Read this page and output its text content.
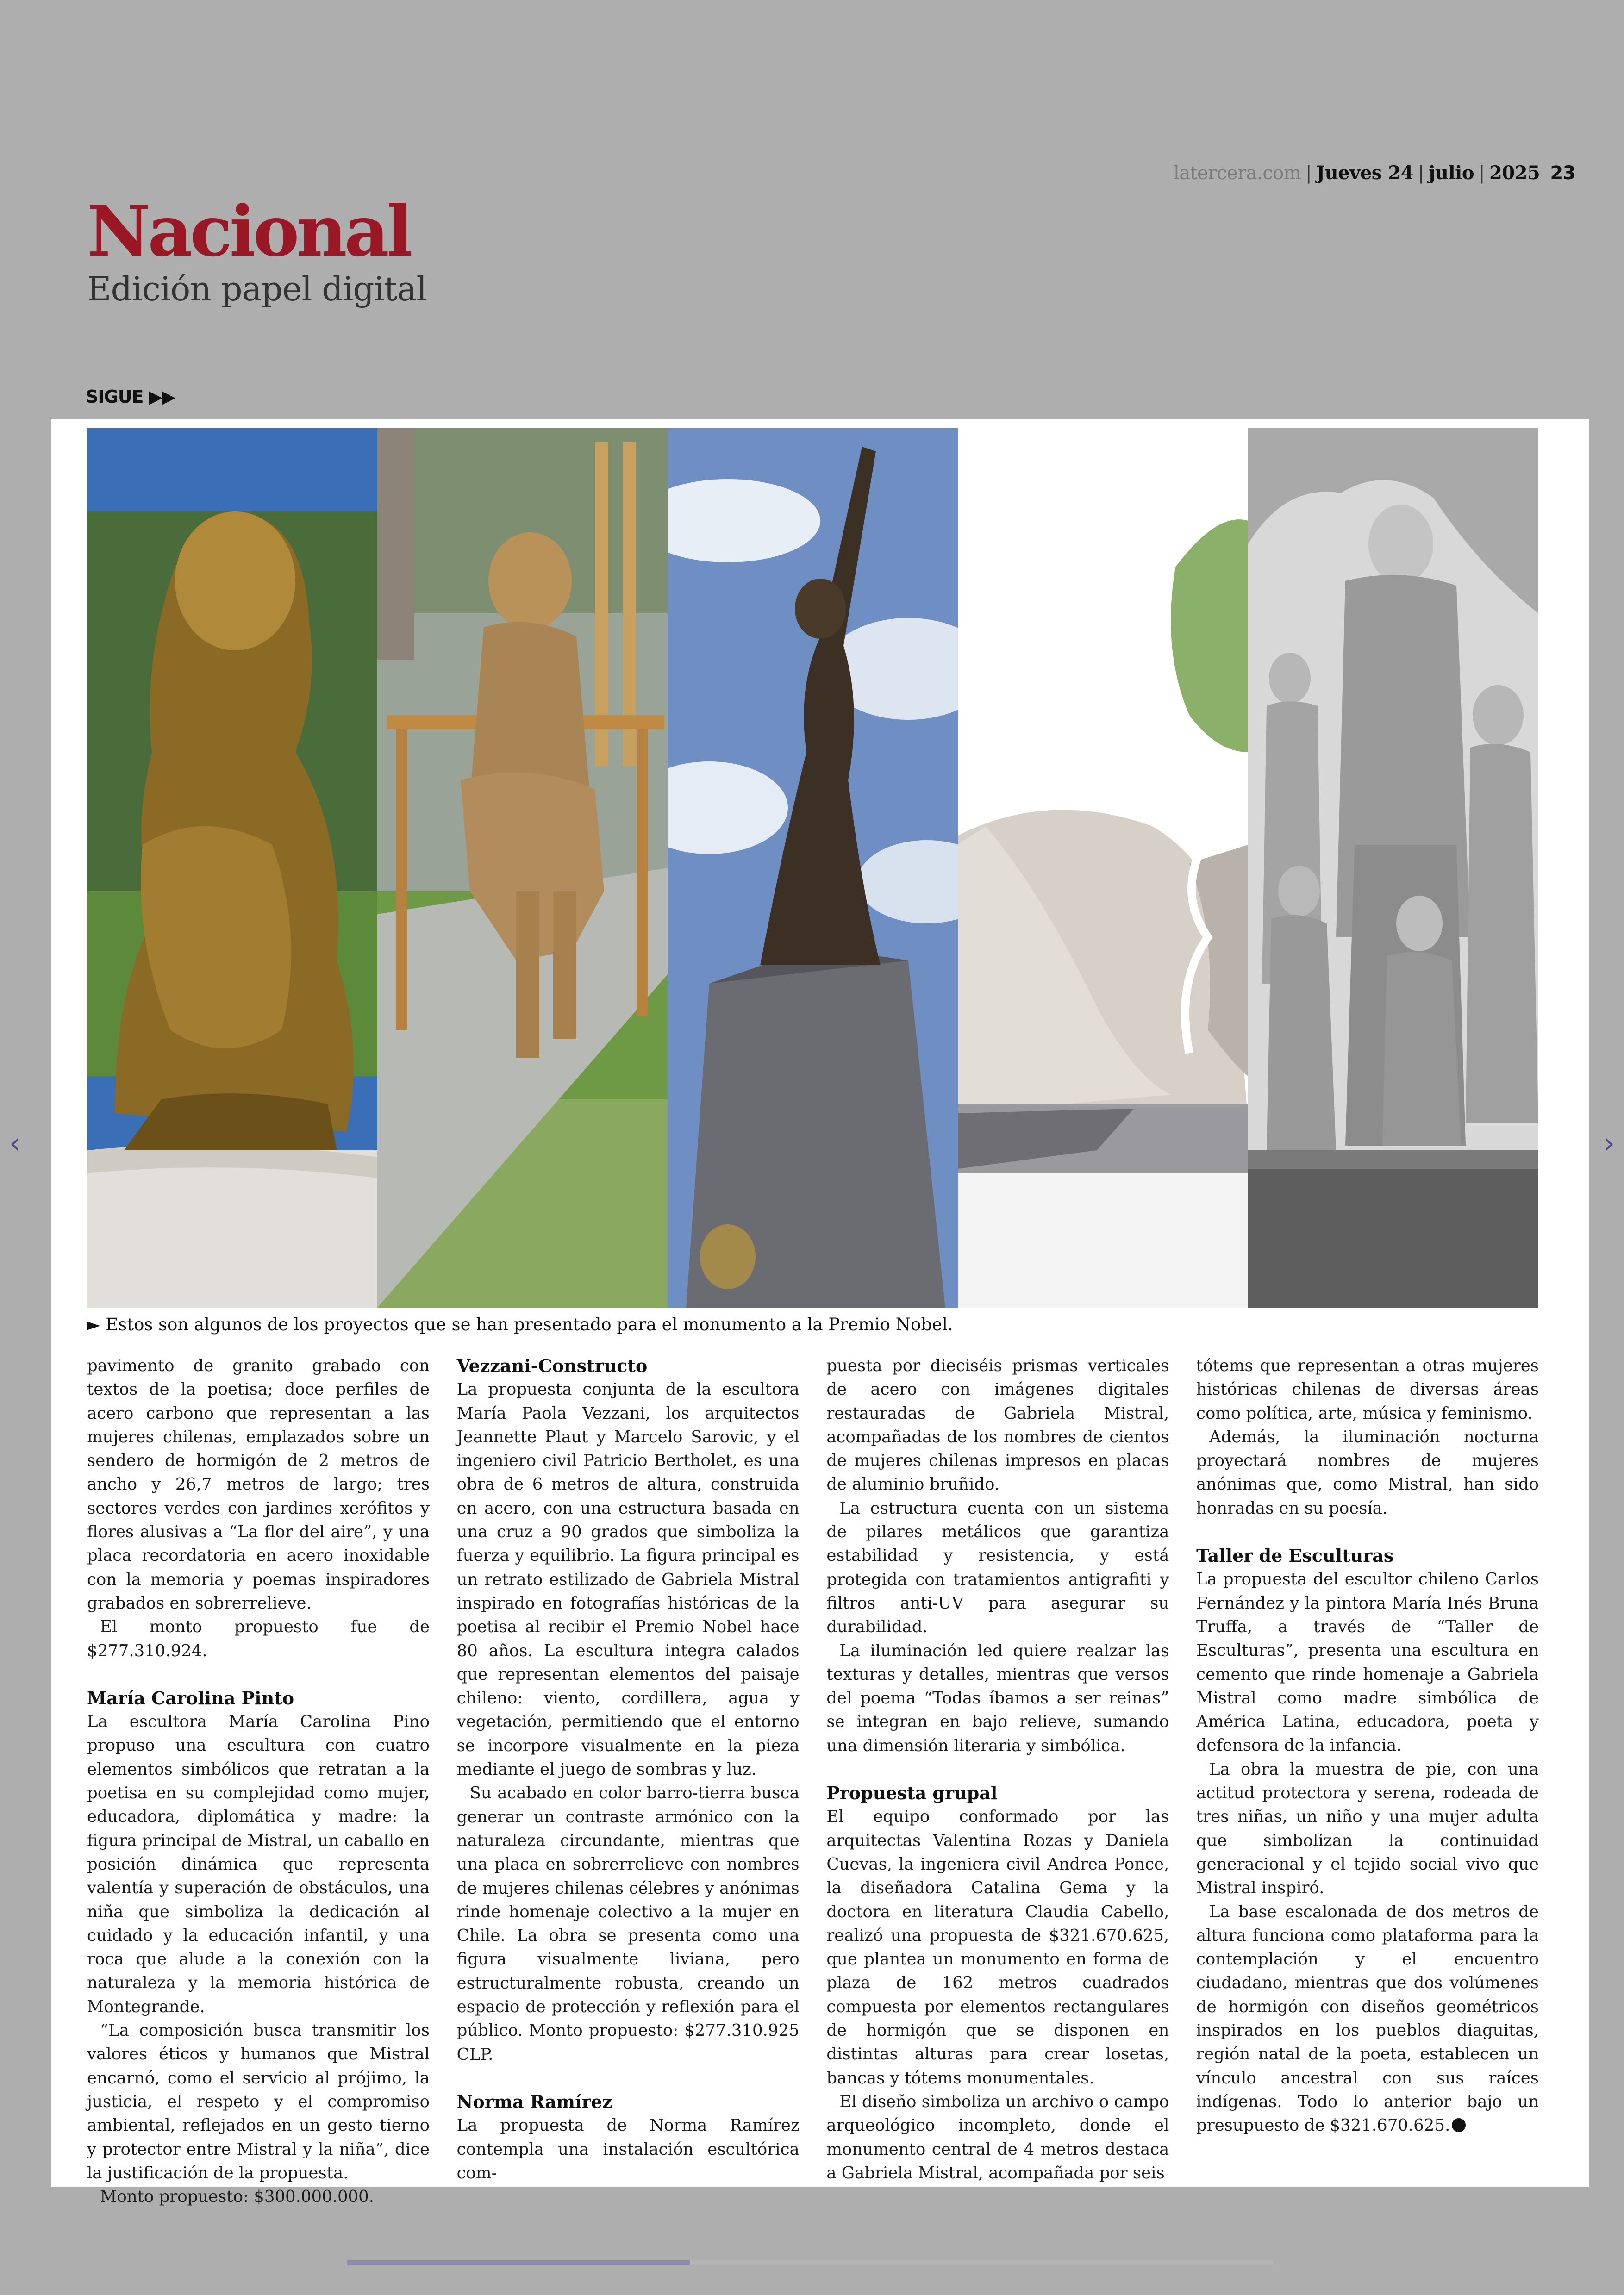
latercera.com | Jueves 24 | julio | 2025 23
Nacional
Edición papel digital
SIGUE ▶▶
► Estos son algunos de los proyectos que se han presentado para el monumento a la Premio Nobel.

pavimento de granito grabado con textos de la poetisa; doce perfiles de acero carbono que representan a las mujeres chilenas, emplazados sobre un sendero de hormigón de 2 metros de ancho y 26,7 metros de largo; tres sectores verdes con jardines xerófitos y flores alusivas a “La flor del aire”, y una placa recordatoria en acero inoxidable con la memoria y poemas inspiradores grabados en sobrerrelieve.

El monto propuesto fue de $277.310.924.

María Carolina Pinto

La escultora María Carolina Pino propuso una escultura con cuatro elementos simbólicos que retratan a la poetisa en su complejidad como mujer, educadora, diplomática y madre: la figura principal de Mistral, un caballo en posición dinámica que representa valentía y superación de obstáculos, una niña que simboliza la dedicación al cuidado y la educación infantil, y una roca que alude a la conexión con la naturaleza y la memoria histórica de Montegrande.

“La composición busca transmitir los valores éticos y humanos que Mistral encarnó, como el servicio al prójimo, la justicia, el respeto y el compromiso ambiental, reflejados en un gesto tierno y protector entre Mistral y la niña”, dice la justificación de la propuesta.

Monto propuesto: $300.000.000.

Vezzani-Constructo

La propuesta conjunta de la escultora María Paola Vezzani, los arquitectos Jeannette Plaut y Marcelo Sarovic, y el ingeniero civil Patricio Bertholet, es una obra de 6 metros de altura, construida en acero, con una estructura basada en una cruz a 90 grados que simboliza la fuerza y equilibrio. La figura principal es un retrato estilizado de Gabriela Mistral inspirado en fotografías históricas de la poetisa al recibir el Premio Nobel hace 80 años. La escultura integra calados que representan elementos del paisaje chileno: viento, cordillera, agua y vegetación, permitiendo que el entorno se incorpore visualmente en la pieza mediante el juego de sombras y luz.

Su acabado en color barro-tierra busca generar un contraste armónico con la naturaleza circundante, mientras que una placa en sobrerrelieve con nombres de mujeres chilenas célebres y anónimas rinde homenaje colectivo a la mujer en Chile. La obra se presenta como una figura visualmente liviana, pero estructuralmente robusta, creando un espacio de protección y reflexión para el público. Monto propuesto: $277.310.925 CLP.

Norma Ramírez

La propuesta de Norma Ramírez contempla una instalación escultórica com-

puesta por dieciséis prismas verticales de acero con imágenes digitales restauradas de Gabriela Mistral, acompañadas de los nombres de cientos de mujeres chilenas impresos en placas de aluminio bruñido.

La estructura cuenta con un sistema de pilares metálicos que garantiza estabilidad y resistencia, y está protegida con tratamientos antigrafiti y filtros anti-UV para asegurar su durabilidad.

La iluminación led quiere realzar las texturas y detalles, mientras que versos del poema “Todas íbamos a ser reinas” se integran en bajo relieve, sumando una dimensión literaria y simbólica.

Propuesta grupal

El equipo conformado por las arquitectas Valentina Rozas y Daniela Cuevas, la ingeniera civil Andrea Ponce, la diseñadora Catalina Gema y la doctora en literatura Claudia Cabello, realizó una propuesta de $321.670.625, que plantea un monumento en forma de plaza de 162 metros cuadrados compuesta por elementos rectangulares de hormigón que se disponen en distintas alturas para crear losetas, bancas y tótems monumentales.

El diseño simboliza un archivo o campo arqueológico incompleto, donde el monumento central de 4 metros destaca a Gabriela Mistral, acompañada por seis

tótems que representan a otras mujeres históricas chilenas de diversas áreas como política, arte, música y feminismo.

Además, la iluminación nocturna proyectará nombres de mujeres anónimas que, como Mistral, han sido honradas en su poesía.

Taller de Esculturas

La propuesta del escultor chileno Carlos Fernández y la pintora María Inés Bruna Truffa, a través de “Taller de Esculturas”, presenta una escultura en cemento que rinde homenaje a Gabriela Mistral como madre simbólica de América Latina, educadora, poeta y defensora de la infancia.

La obra la muestra de pie, con una actitud protectora y serena, rodeada de tres niñas, un niño y una mujer adulta que simbolizan la continuidad generacional y el tejido social vivo que Mistral inspiró.

La base escalonada de dos metros de altura funciona como plataforma para la contemplación y el encuentro ciudadano, mientras que dos volúmenes de hormigón con diseños geométricos inspirados en los pueblos diaguitas, región natal de la poeta, establecen un vínculo ancestral con sus raíces indígenas. Todo lo anterior bajo un presupuesto de $321.670.625.

‹	›
